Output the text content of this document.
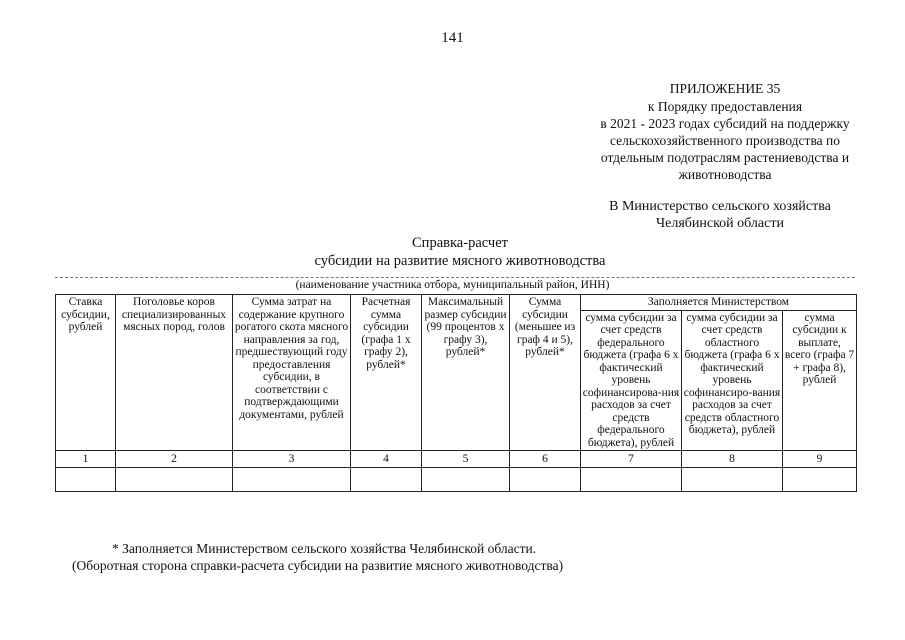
141
ПРИЛОЖЕНИЕ 35
к Порядку предоставления
в 2021 - 2023 годах субсидий на поддержку
сельскохозяйственного производства по
отдельным подотраслям растениеводства и
животноводства
В Министерство сельского хозяйства
Челябинской области
Справка-расчет
субсидии на развитие мясного животноводства
(наименование участника отбора, муниципальный район, ИНН)
Ставка субсидии, рублей	Поголовье коров специализированных мясных пород, голов	Сумма затрат на содержание крупного рогатого скота мясного направления за год, предшествующий году предоставления субсидии, в соответствии с подтверждающими документами, рублей	Расчетная сумма субсидии (графа 1 х графу 2), рублей*	Максимальный размер субсидии (99 процентов х графу 3), рублей*	Сумма субсидии (меньшее из граф 4 и 5), рублей*	Заполняется Министерством		
						сумма субсидии за счет средств федерального бюджета (графа 6 х фактический уровень софинансирова-ния расходов за счет средств федерального бюджета), рублей	сумма субсидии за счет средств областного бюджета (графа 6 х фактический уровень софинансиро-вания расходов за счет средств областного бюджета), рублей	сумма субсидии к выплате, всего (графа 7 + графа 8), рублей
1	2	3	4	5	6	7	8	9

* Заполняется Министерством сельского хозяйства Челябинской области.
(Оборотная сторона справки-расчета субсидии на развитие мясного животноводства)
